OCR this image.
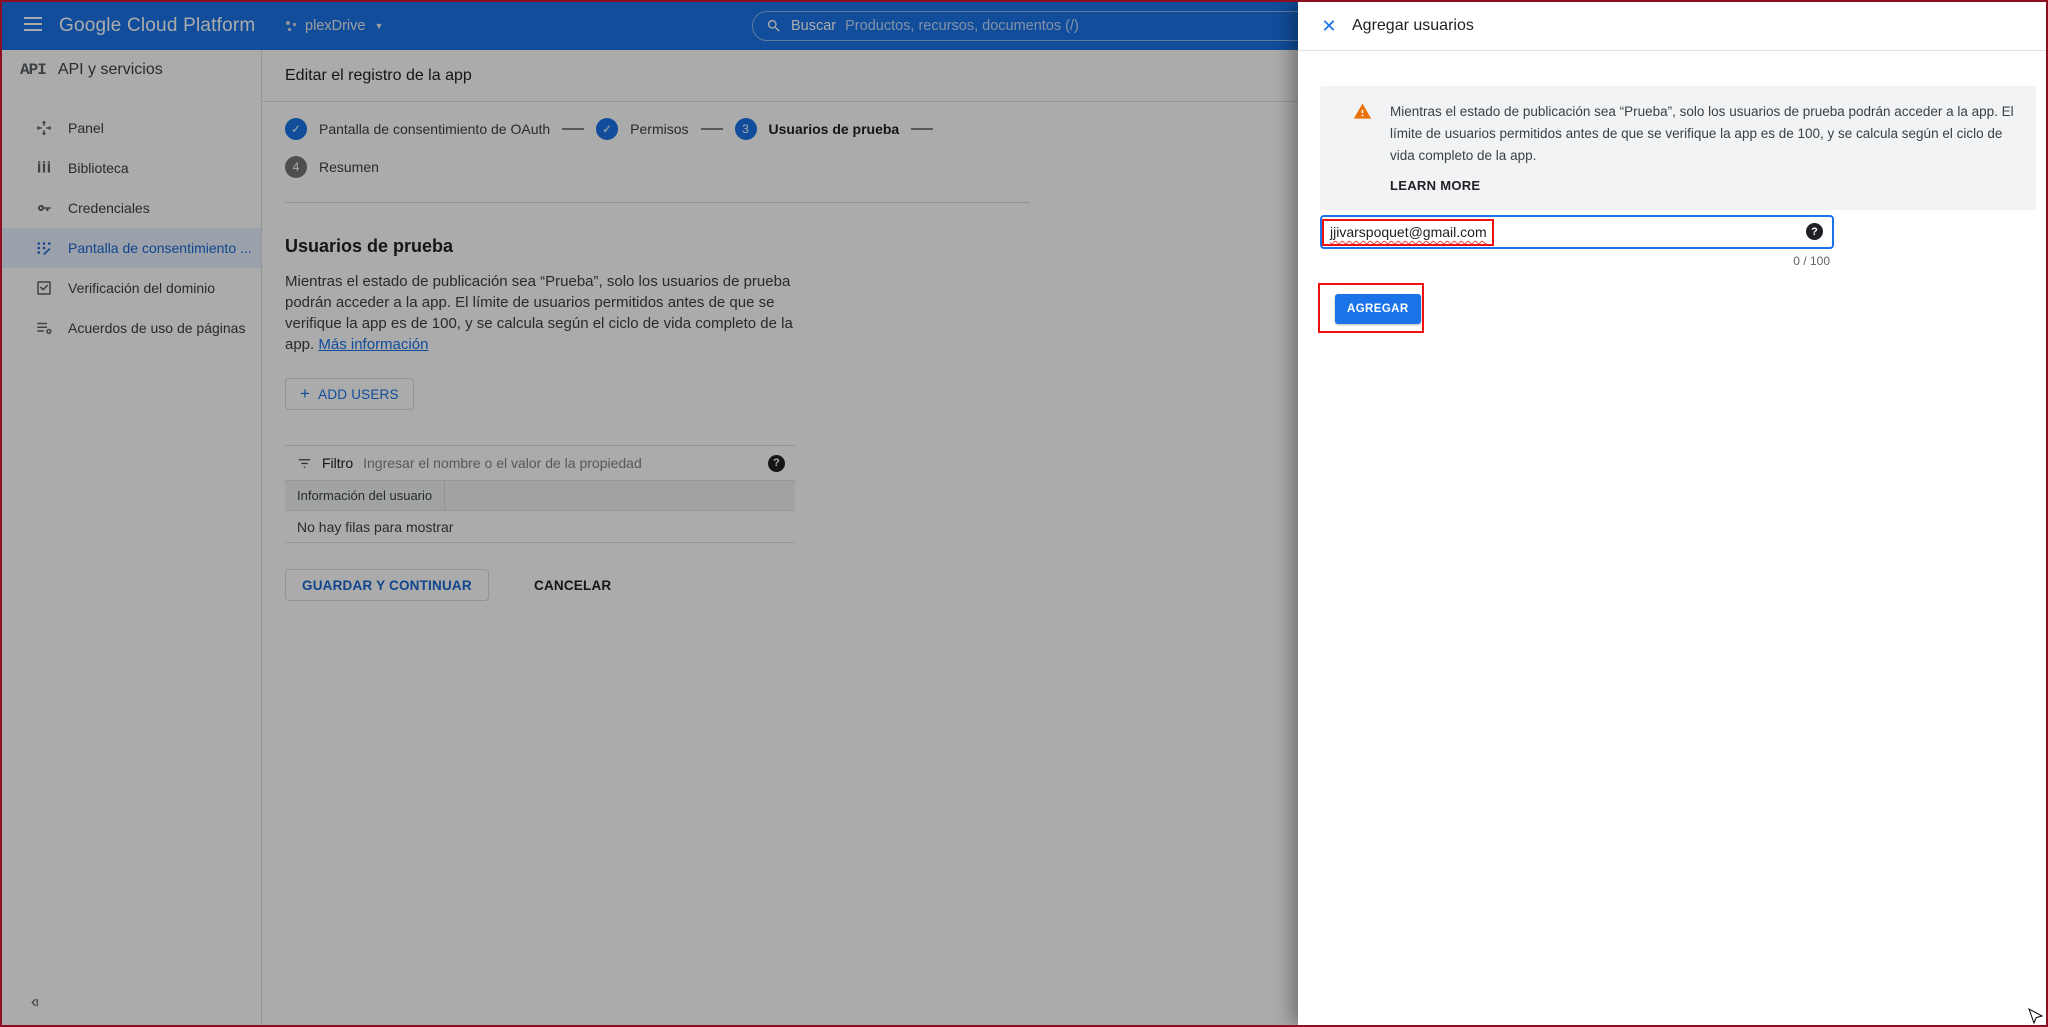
Google Cloud Platform	plexDrive ▼	Buscar Productos, recursos, documentos (/)
API API y servicios
Panel
Biblioteca
Credenciales
Pantalla de consentimiento ...
Verificación del dominio
Acuerdos de uso de páginas
Editar el registro de la app
✓	Pantalla de consentimiento de OAuth	✓	Permisos	3	Usuarios de prueba
4	Resumen
Usuarios de prueba
Mientras el estado de publicación sea “Prueba”, solo los usuarios de prueba podrán acceder a la app. El límite de usuarios permitidos antes de que se verifique la app es de 100, y se calcula según el ciclo de vida completo de la app. Más información
+ ADD USERS
Filtro
Ingresar el nombre o el valor de la propiedad	?
Información del usuario
No hay filas para mostrar
GUARDAR Y CONTINUAR	CANCELAR
✕ Agregar usuarios
Mientras el estado de publicación sea “Prueba”, solo los usuarios de prueba podrán acceder a la app. El límite de usuarios permitidos antes de que se verifique la app es de 100, y se calcula según el ciclo de vida completo de la app.
LEARN MORE
jjivarspoquet@gmail.com	?
0 / 100
AGREGAR
